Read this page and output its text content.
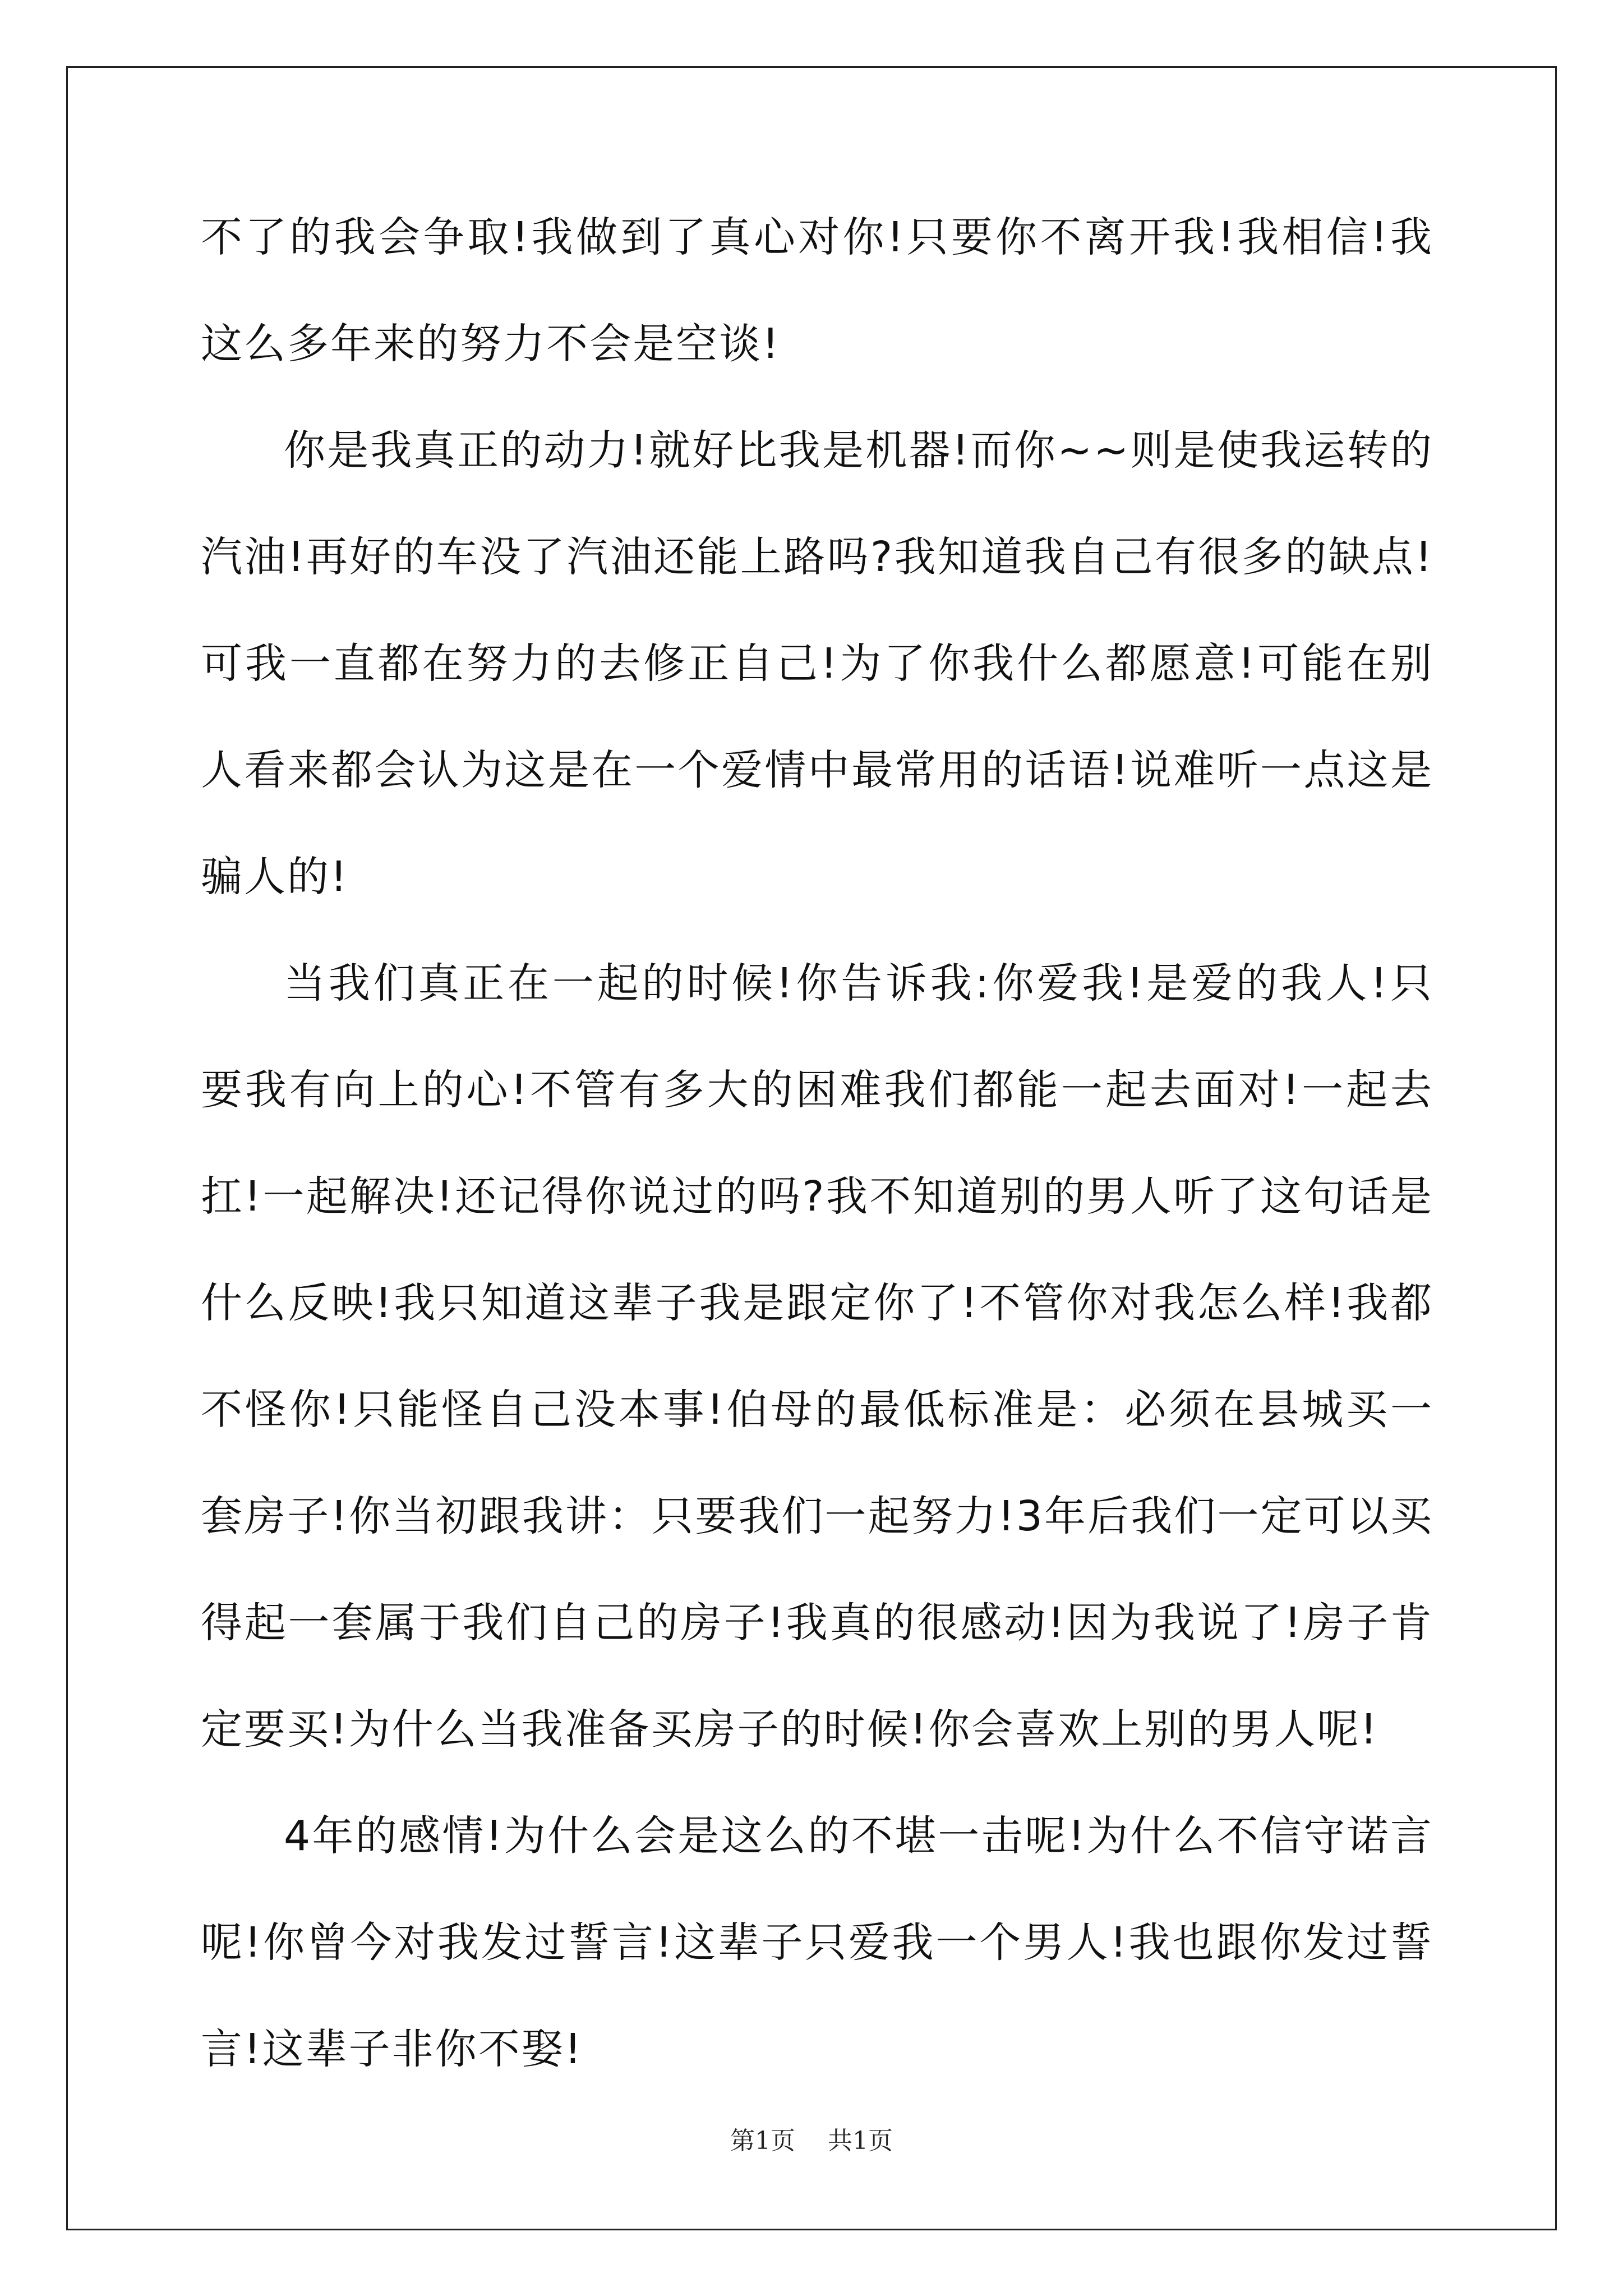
不了的我会争取!我做到了真心对你!只要你不离开我!我相信!我这么多年来的努力不会是空谈!

你是我真正的动力!就好比我是机器!而你~~则是使我运转的汽油!再好的车没了汽油还能上路吗?我知道我自己有很多的缺点!可我一直都在努力的去修正自己!为了你我什么都愿意!可能在别人看来都会认为这是在一个爱情中最常用的话语!说难听一点这是骗人的!

当我们真正在一起的时候!你告诉我:你爱我!是爱的我人!只要我有向上的心!不管有多大的困难我们都能一起去面对!一起去扛!一起解决!还记得你说过的吗?我不知道别的男人听了这句话是什么反映!我只知道这辈子我是跟定你了!不管你对我怎么样!我都不怪你!只能怪自己没本事!伯母的最低标准是：必须在县城买一套房子!你当初跟我讲：只要我们一起努力!3年后我们一定可以买得起一套属于我们自己的房子!我真的很感动!因为我说了!房子肯定要买!为什么当我准备买房子的时候!你会喜欢上别的男人呢!

4年的感情!为什么会是这么的不堪一击呢!为什么不信守诺言呢!你曾今对我发过誓言!这辈子只爱我一个男人!我也跟你发过誓言!这辈子非你不娶!

第1页 共1页
